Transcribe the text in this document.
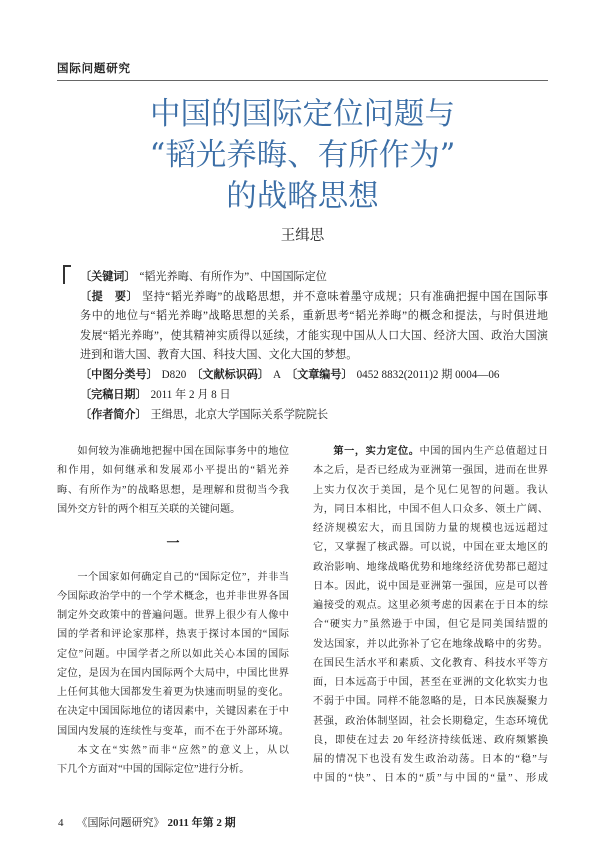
国际问题研究
中国的国际定位问题与
“韬光养晦、有所作为”
的战略思想
王缉思
〔关键词〕 “韬光养晦、有所作为”、中国国际定位
〔提　要〕 坚持“韬光养晦”的战略思想，并不意味着墨守成规；只有准确把握中国在国际事
务中的地位与“韬光养晦”战略思想的关系，重新思考“韬光养晦”的概念和提法，与时俱进地
发展“韬光养晦”，使其精神实质得以延续，才能实现中国从人口大国、经济大国、政治大国演
进到和谐大国、教育大国、科技大国、文化大国的梦想。
〔中图分类号〕 D820 〔文献标识码〕 A 〔文章编号〕 0452 8832(2011)2 期 0004—06
〔完稿日期〕 2011 年 2 月 8 日
〔作者简介〕 王缉思，北京大学国际关系学院院长
如何较为准确地把握中国在国际事务中的地位
和作用，如何继承和发展邓小平提出的“韬光养
晦、有所作为”的战略思想，是理解和贯彻当今我
国外交方针的两个相互关联的关键问题。
一
一个国家如何确定自己的“国际定位”，并非当
今国际政治学中的一个学术概念，也并非世界各国
制定外交政策中的普遍问题。世界上很少有人像中
国的学者和评论家那样，热衷于探讨本国的“国际
定位”问题。中国学者之所以如此关心本国的国际
定位，是因为在国内国际两个大局中，中国比世界
上任何其他大国都发生着更为快速而明显的变化。
在决定中国国际地位的诸因素中，关键因素在于中
国国内发展的连续性与变革，而不在于外部环境。
本文在“实然”而非“应然”的意义上，从以
下几个方面对“中国的国际定位”进行分析。
第一，实力定位。中国的国内生产总值超过日
本之后，是否已经成为亚洲第一强国，进而在世界
上实力仅次于美国，是个见仁见智的问题。我认
为，同日本相比，中国不但人口众多、领土广阔、
经济规模宏大，而且国防力量的规模也远远超过
它，又掌握了核武器。可以说，中国在亚太地区的
政治影响、地缘战略优势和地缘经济优势都已超过
日本。因此，说中国是亚洲第一强国，应是可以普
遍接受的观点。这里必须考虑的因素在于日本的综
合“硬实力”虽然逊于中国，但它是同美国结盟的
发达国家，并以此弥补了它在地缘战略中的劣势。
在国民生活水平和素质、文化教育、科技水平等方
面，日本远高于中国，甚至在亚洲的文化软实力也
不弱于中国。同样不能忽略的是，日本民族凝聚力
甚强，政治体制坚固，社会长期稳定，生态环境优
良，即使在过去 20 年经济持续低迷、政府频繁换
届的情况下也没有发生政治动荡。日本的“稳”与
中国的“快”、日本的“质”与中国的“量”、形成
4 《国际问题研究》 2011 年第 2 期
